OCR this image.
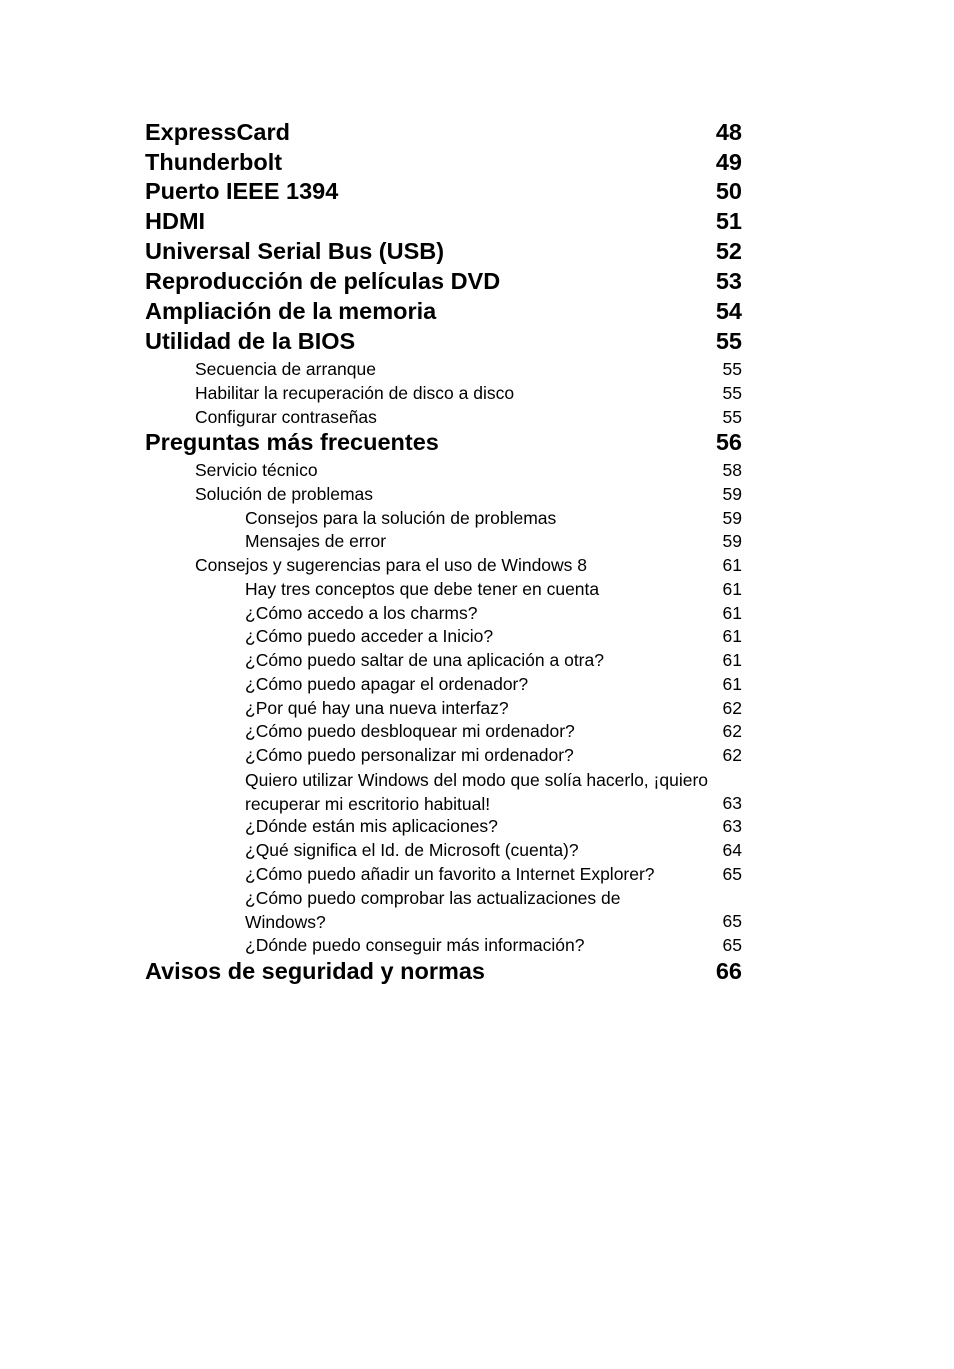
ExpressCard	48
Thunderbolt	49
Puerto IEEE 1394	50
HDMI	51
Universal Serial Bus (USB)	52
Reproducción de películas DVD	53
Ampliación de la memoria	54
Utilidad de la BIOS	55
Secuencia de arranque	55
Habilitar la recuperación de disco a disco	55
Configurar contraseñas	55
Preguntas más frecuentes	56
Servicio técnico	58
Solución de problemas	59
Consejos para la solución de problemas	59
Mensajes de error	59
Consejos y sugerencias para el uso de Windows 8	61
Hay tres conceptos que debe tener en cuenta	61
¿Cómo accedo a los charms?	61
¿Cómo puedo acceder a Inicio?	61
¿Cómo puedo saltar de una aplicación a otra?	61
¿Cómo puedo apagar el ordenador?	61
¿Por qué hay una nueva interfaz?	62
¿Cómo puedo desbloquear mi ordenador?	62
¿Cómo puedo personalizar mi ordenador?	62
Quiero utilizar Windows del modo que solía hacerlo, ¡quiero recuperar mi escritorio habitual!	63
¿Dónde están mis aplicaciones?	63
¿Qué significa el Id. de Microsoft (cuenta)?	64
¿Cómo puedo añadir un favorito a Internet Explorer?	65
¿Cómo puedo comprobar las actualizaciones de Windows?	65
¿Dónde puedo conseguir más información?	65
Avisos de seguridad y normas	66
